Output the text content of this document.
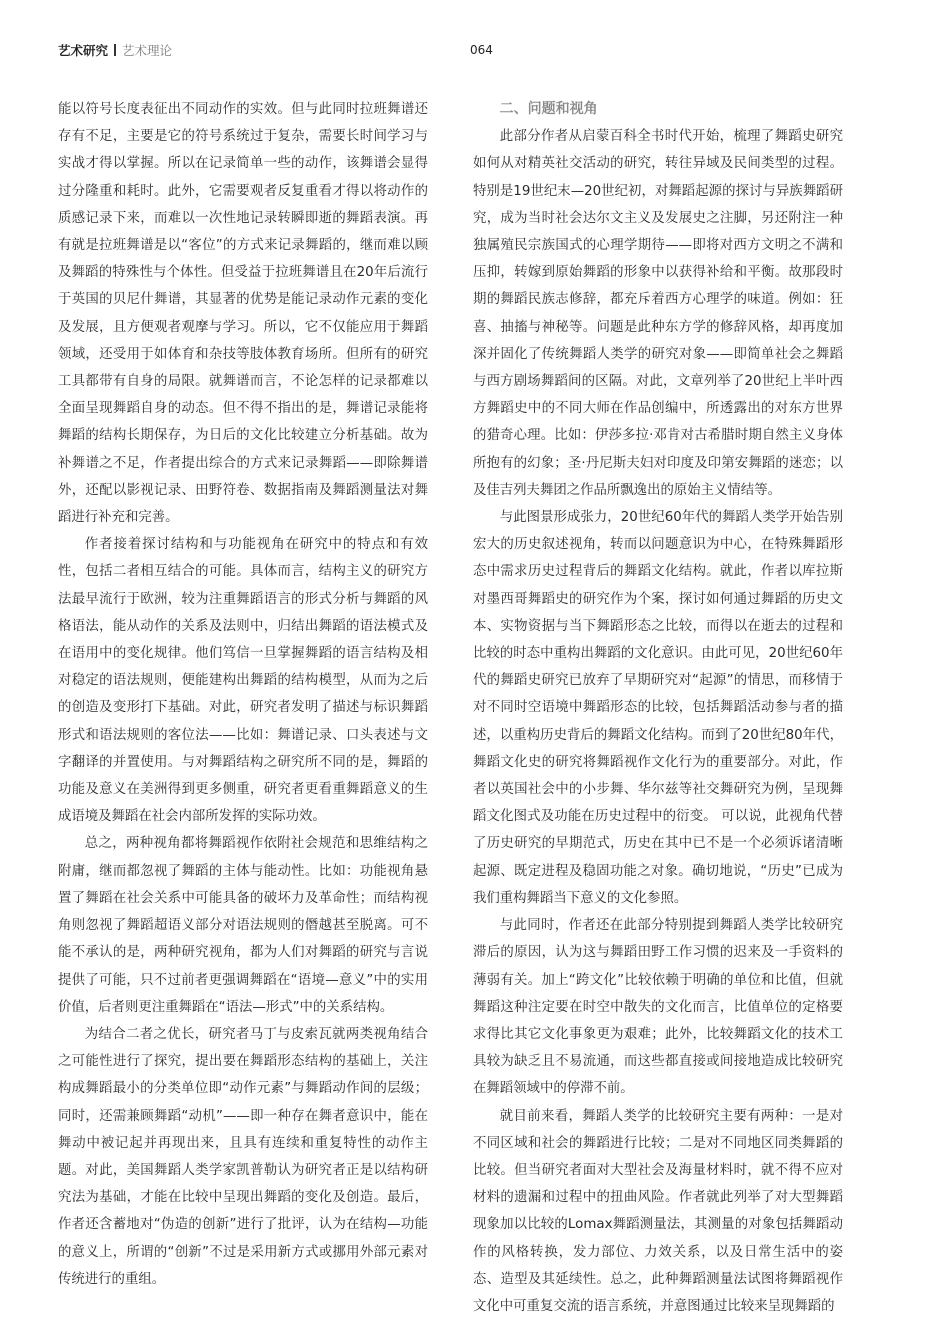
艺术研究 艺术理论	064

能以符号长度表征出不同动作的实效。但与此同时拉班舞谱还存有不足，主要是它的符号系统过于复杂，需要长时间学习与实战才得以掌握。所以在记录简单一些的动作，该舞谱会显得过分隆重和耗时。此外，它需要观者反复重看才得以将动作的质感记录下来，而难以一次性地记录转瞬即逝的舞蹈表演。再有就是拉班舞谱是以“客位”的方式来记录舞蹈的，继而难以顾及舞蹈的特殊性与个体性。但受益于拉班舞谱且在20年后流行于英国的贝尼什舞谱，其显著的优势是能记录动作元素的变化及发展，且方便观者观摩与学习。所以，它不仅能应用于舞蹈领域，还受用于如体育和杂技等肢体教育场所。但所有的研究工具都带有自身的局限。就舞谱而言，不论怎样的记录都难以全面呈现舞蹈自身的动态。但不得不指出的是，舞谱记录能将舞蹈的结构长期保存，为日后的文化比较建立分析基础。故为补舞谱之不足，作者提出综合的方式来记录舞蹈——即除舞谱外，还配以影视记录、田野符卷、数据指南及舞蹈测量法对舞蹈进行补充和完善。

作者接着探讨结构和与功能视角在研究中的特点和有效性，包括二者相互结合的可能。具体而言，结构主义的研究方法最早流行于欧洲，较为注重舞蹈语言的形式分析与舞蹈的风格语法，能从动作的关系及法则中，归结出舞蹈的语法模式及在语用中的变化规律。他们笃信一旦掌握舞蹈的语言结构及相对稳定的语法规则，便能建构出舞蹈的结构模型，从而为之后的创造及变形打下基础。对此，研究者发明了描述与标识舞蹈形式和语法规则的客位法——比如：舞谱记录、口头表述与文字翻译的并置使用。与对舞蹈结构之研究所不同的是，舞蹈的功能及意义在美洲得到更多侧重，研究者更看重舞蹈意义的生成语境及舞蹈在社会内部所发挥的实际功效。

总之，两种视角都将舞蹈视作依附社会规范和思维结构之附庸，继而都忽视了舞蹈的主体与能动性。比如：功能视角悬置了舞蹈在社会关系中可能具备的破坏力及革命性；而结构视角则忽视了舞蹈超语义部分对语法规则的僭越甚至脱离。可不能不承认的是，两种研究视角，都为人们对舞蹈的研究与言说提供了可能，只不过前者更强调舞蹈在“语境—意义”中的实用价值，后者则更注重舞蹈在“语法—形式”中的关系结构。

为结合二者之优长，研究者马丁与皮索瓦就两类视角结合之可能性进行了探究，提出要在舞蹈形态结构的基础上，关注构成舞蹈最小的分类单位即“动作元素”与舞蹈动作间的层级；同时，还需兼顾舞蹈“动机”——即一种存在舞者意识中，能在舞动中被记起并再现出来，且具有连续和重复特性的动作主题。对此，美国舞蹈人类学家凯普勒认为研究者正是以结构研究法为基础，才能在比较中呈现出舞蹈的变化及创造。最后，作者还含蓄地对“伪造的创新”进行了批评，认为在结构—功能的意义上，所谓的“创新”不过是采用新方式或挪用外部元素对传统进行的重组。

二、问题和视角

此部分作者从启蒙百科全书时代开始，梳理了舞蹈史研究如何从对精英社交活动的研究，转往异域及民间类型的过程。特别是19世纪末—20世纪初，对舞蹈起源的探讨与异族舞蹈研究，成为当时社会达尔文主义及发展史之注脚，另还附注一种独属殖民宗族国式的心理学期待——即将对西方文明之不满和压抑，转嫁到原始舞蹈的形象中以获得补给和平衡。故那段时期的舞蹈民族志修辞，都充斥着西方心理学的味道。例如：狂喜、抽搐与神秘等。问题是此种东方学的修辞风格，却再度加深并固化了传统舞蹈人类学的研究对象——即简单社会之舞蹈与西方剧场舞蹈间的区隔。对此，文章列举了20世纪上半叶西方舞蹈史中的不同大师在作品创编中，所透露出的对东方世界的猎奇心理。比如：伊莎多拉·邓肯对古希腊时期自然主义身体所抱有的幻象；圣·丹尼斯夫妇对印度及印第安舞蹈的迷恋；以及佳吉列夫舞团之作品所飘逸出的原始主义情结等。

与此图景形成张力，20世纪60年代的舞蹈人类学开始告别宏大的历史叙述视角，转而以问题意识为中心，在特殊舞蹈形态中需求历史过程背后的舞蹈文化结构。就此，作者以库拉斯对墨西哥舞蹈史的研究作为个案，探讨如何通过舞蹈的历史文本、实物资据与当下舞蹈形态之比较，而得以在逝去的过程和比较的时态中重构出舞蹈的文化意识。由此可见，20世纪60年代的舞蹈史研究已放弃了早期研究对“起源”的情思，而移情于对不同时空语境中舞蹈形态的比较，包括舞蹈活动参与者的描述，以重构历史背后的舞蹈文化结构。而到了20世纪80年代，舞蹈文化史的研究将舞蹈视作文化行为的重要部分。对此，作者以英国社会中的小步舞、华尔兹等社交舞研究为例，呈现舞蹈文化图式及功能在历史过程中的衍变。 可以说，此视角代替了历史研究的早期范式，历史在其中已不是一个必须诉诸清晰起源、既定进程及稳固功能之对象。确切地说，“历史”已成为我们重构舞蹈当下意义的文化参照。

与此同时，作者还在此部分特别提到舞蹈人类学比较研究滞后的原因，认为这与舞蹈田野工作习惯的迟来及一手资料的薄弱有关。加上“跨文化”比较依赖于明确的单位和比值，但就舞蹈这种注定要在时空中散失的文化而言，比值单位的定格要求得比其它文化事象更为艰难；此外，比较舞蹈文化的技术工具较为缺乏且不易流通，而这些都直接或间接地造成比较研究在舞蹈领域中的停滞不前。

就目前来看，舞蹈人类学的比较研究主要有两种：一是对不同区域和社会的舞蹈进行比较；二是对不同地区同类舞蹈的比较。但当研究者面对大型社会及海量材料时，就不得不应对材料的遗漏和过程中的扭曲风险。作者就此列举了对大型舞蹈现象加以比较的Lomax舞蹈测量法，其测量的对象包括舞蹈动作的风格转换，发力部位、力效关系，以及日常生活中的姿态、造型及其延续性。总之，此种舞蹈测量法试图将舞蹈视作文化中可重复交流的语言系统，并意图通过比较来呈现舞蹈的
